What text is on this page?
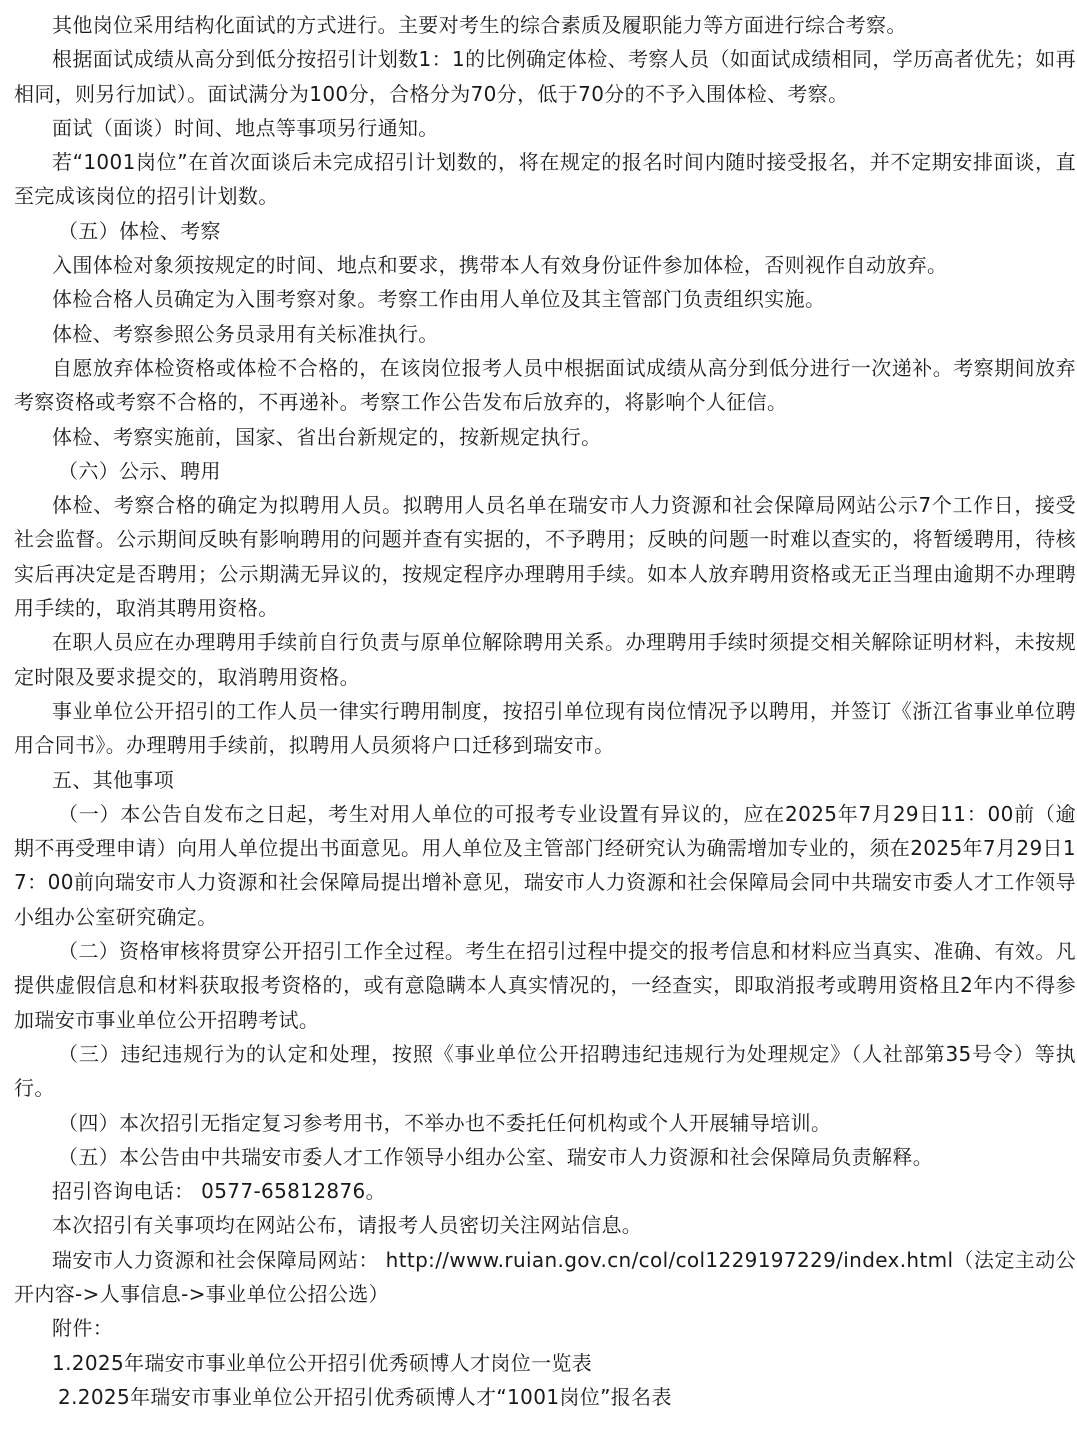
其他岗位采用结构化面试的方式进行。主要对考生的综合素质及履职能力等方面进行综合考察。

根据面试成绩从高分到低分按招引计划数1：1的比例确定体检、考察人员（如面试成绩相同，学历高者优先；如再相同，则另行加试）。面试满分为100分，合格分为70分，低于70分的不予入围体检、考察。

面试（面谈）时间、地点等事项另行通知。

若“1001岗位”在首次面谈后未完成招引计划数的，将在规定的报名时间内随时接受报名，并不定期安排面谈，直至完成该岗位的招引计划数。

（五）体检、考察

入围体检对象须按规定的时间、地点和要求，携带本人有效身份证件参加体检，否则视作自动放弃。

体检合格人员确定为入围考察对象。考察工作由用人单位及其主管部门负责组织实施。

体检、考察参照公务员录用有关标准执行。

自愿放弃体检资格或体检不合格的，在该岗位报考人员中根据面试成绩从高分到低分进行一次递补。考察期间放弃考察资格或考察不合格的，不再递补。考察工作公告发布后放弃的，将影响个人征信。

体检、考察实施前，国家、省出台新规定的，按新规定执行。

（六）公示、聘用

体检、考察合格的确定为拟聘用人员。拟聘用人员名单在瑞安市人力资源和社会保障局网站公示7个工作日，接受社会监督。公示期间反映有影响聘用的问题并查有实据的，不予聘用；反映的问题一时难以查实的，将暂缓聘用，待核实后再决定是否聘用；公示期满无异议的，按规定程序办理聘用手续。如本人放弃聘用资格或无正当理由逾期不办理聘用手续的，取消其聘用资格。

在职人员应在办理聘用手续前自行负责与原单位解除聘用关系。办理聘用手续时须提交相关解除证明材料，未按规定时限及要求提交的，取消聘用资格。

事业单位公开招引的工作人员一律实行聘用制度，按招引单位现有岗位情况予以聘用，并签订《浙江省事业单位聘用合同书》。办理聘用手续前，拟聘用人员须将户口迁移到瑞安市。

五、其他事项

（一）本公告自发布之日起，考生对用人单位的可报考专业设置有异议的，应在2025年7月29日11：00前（逾期不再受理申请）向用人单位提出书面意见。用人单位及主管部门经研究认为确需增加专业的，须在2025年7月29日17：00前向瑞安市人力资源和社会保障局提出增补意见，瑞安市人力资源和社会保障局会同中共瑞安市委人才工作领导小组办公室研究确定。

（二）资格审核将贯穿公开招引工作全过程。考生在招引过程中提交的报考信息和材料应当真实、准确、有效。凡提供虚假信息和材料获取报考资格的，或有意隐瞒本人真实情况的，一经查实，即取消报考或聘用资格且2年内不得参加瑞安市事业单位公开招聘考试。

（三）违纪违规行为的认定和处理，按照《事业单位公开招聘违纪违规行为处理规定》（人社部第35号令）等执行。

（四）本次招引无指定复习参考用书，不举办也不委托任何机构或个人开展辅导培训。

（五）本公告由中共瑞安市委人才工作领导小组办公室、瑞安市人力资源和社会保障局负责解释。

招引咨询电话： 0577-65812876。

本次招引有关事项均在网站公布，请报考人员密切关注网站信息。

瑞安市人力资源和社会保障局网站： http://www.ruian.gov.cn/col/col1229197229/index.html（法定主动公开内容->人事信息->事业单位公招公选）

附件：

1.2025年瑞安市事业单位公开招引优秀硕博人才岗位一览表

2.2025年瑞安市事业单位公开招引优秀硕博人才“1001岗位”报名表
